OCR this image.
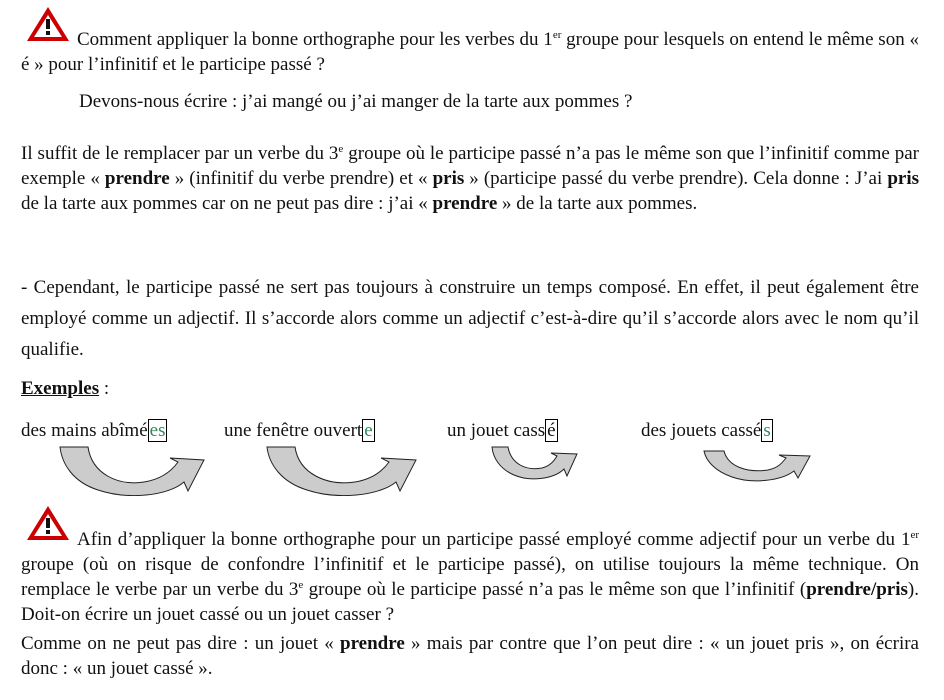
Comment appliquer la bonne orthographe pour les verbes du 1er groupe pour lesquels on entend le même son « é » pour l’infinitif et le participe passé ?
Devons-nous écrire : j’ai mangé ou j’ai manger de la tarte aux pommes ?
Il suffit de le remplacer par un verbe du 3e groupe où le participe passé n’a pas le même son que l’infinitif comme par exemple « prendre » (infinitif du verbe prendre) et « pris » (participe passé du verbe prendre). Cela donne : J’ai pris de la tarte aux pommes car on ne peut pas dire : j’ai « prendre » de la tarte aux pommes.
- Cependant, le participe passé ne sert pas toujours à construire un temps composé. En effet, il peut également être employé comme un adjectif. Il s’accorde alors comme un adjectif c’est-à-dire qu’il s’accorde alors avec le nom qu’il qualifie.
Exemples :
des mains abîmé es	une fenêtre ouvert e	un jouet cass é	des jouets cassé s
Afin d’appliquer la bonne orthographe pour un participe passé employé comme adjectif pour un verbe du 1er groupe (où on risque de confondre l’infinitif et le participe passé), on utilise toujours la même technique. On remplace le verbe par un verbe du 3e groupe où le participe passé n’a pas le même son que l’infinitif (prendre/pris). Doit-on écrire un jouet cassé ou un jouet casser ?
Comme on ne peut pas dire : un jouet « prendre » mais par contre que l’on peut dire : « un jouet pris », on écrira donc : « un jouet cassé ».
